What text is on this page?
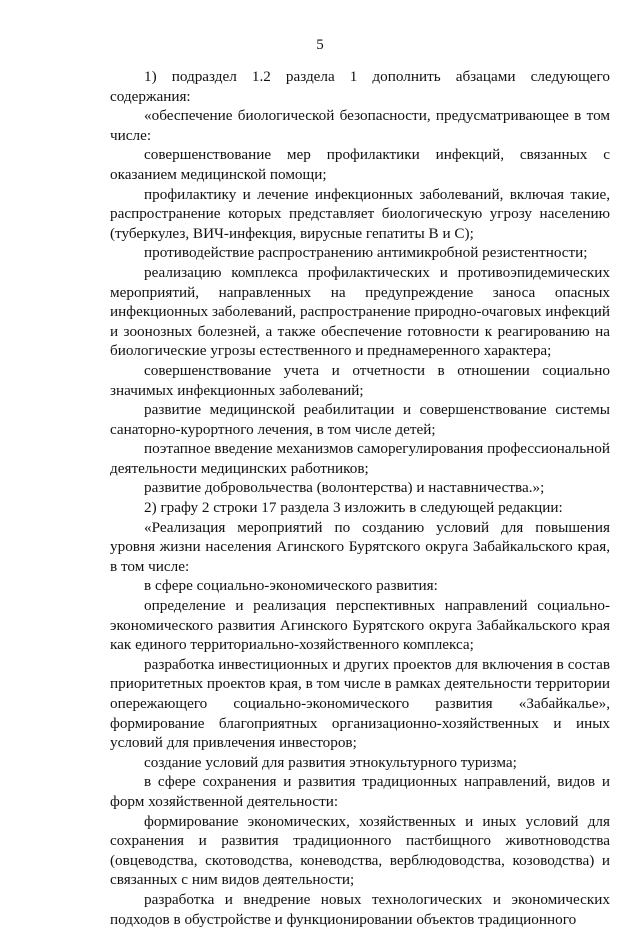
5

1) подраздел 1.2 раздела 1 дополнить абзацами следующего содержания:

«обеспечение биологической безопасности, предусматривающее в том числе:

совершенствование мер профилактики инфекций, связанных с оказанием медицинской помощи;

профилактику и лечение инфекционных заболеваний, включая такие, распространение которых представляет биологическую угрозу населению (туберкулез, ВИЧ-инфекция, вирусные гепатиты В и С);

противодействие распространению антимикробной резистентности;

реализацию комплекса профилактических и противоэпидемических мероприятий, направленных на предупреждение заноса опасных инфекционных заболеваний, распространение природно-очаговых инфекций и зоонозных болезней, а также обеспечение готовности к реагированию на биологические угрозы естественного и преднамеренного характера;

совершенствование учета и отчетности в отношении социально значимых инфекционных заболеваний;

развитие медицинской реабилитации и совершенствование системы санаторно-курортного лечения, в том числе детей;

поэтапное введение механизмов саморегулирования профессиональной деятельности медицинских работников;

развитие добровольчества (волонтерства) и наставничества.»;

2) графу 2 строки 17 раздела 3 изложить в следующей редакции:

«Реализация мероприятий по созданию условий для повышения уровня жизни населения Агинского Бурятского округа Забайкальского края, в том числе:

в сфере социально-экономического развития:

определение и реализация перспективных направлений социально-экономического развития Агинского Бурятского округа Забайкальского края как единого территориально-хозяйственного комплекса;

разработка инвестиционных и других проектов для включения в состав приоритетных проектов края, в том числе в рамках деятельности территории опережающего социально-экономического развития «Забайкалье», формирование благоприятных организационно-хозяйственных и иных условий для привлечения инвесторов;

создание условий для развития этнокультурного туризма;

в сфере сохранения и развития традиционных направлений, видов и форм хозяйственной деятельности:

формирование экономических, хозяйственных и иных условий для сохранения и развития традиционного пастбищного животноводства (овцеводства, скотоводства, коневодства, верблюдоводства, козоводства) и связанных с ним видов деятельности;

разработка и внедрение новых технологических и экономических подходов в обустройстве и функционировании объектов традиционного
